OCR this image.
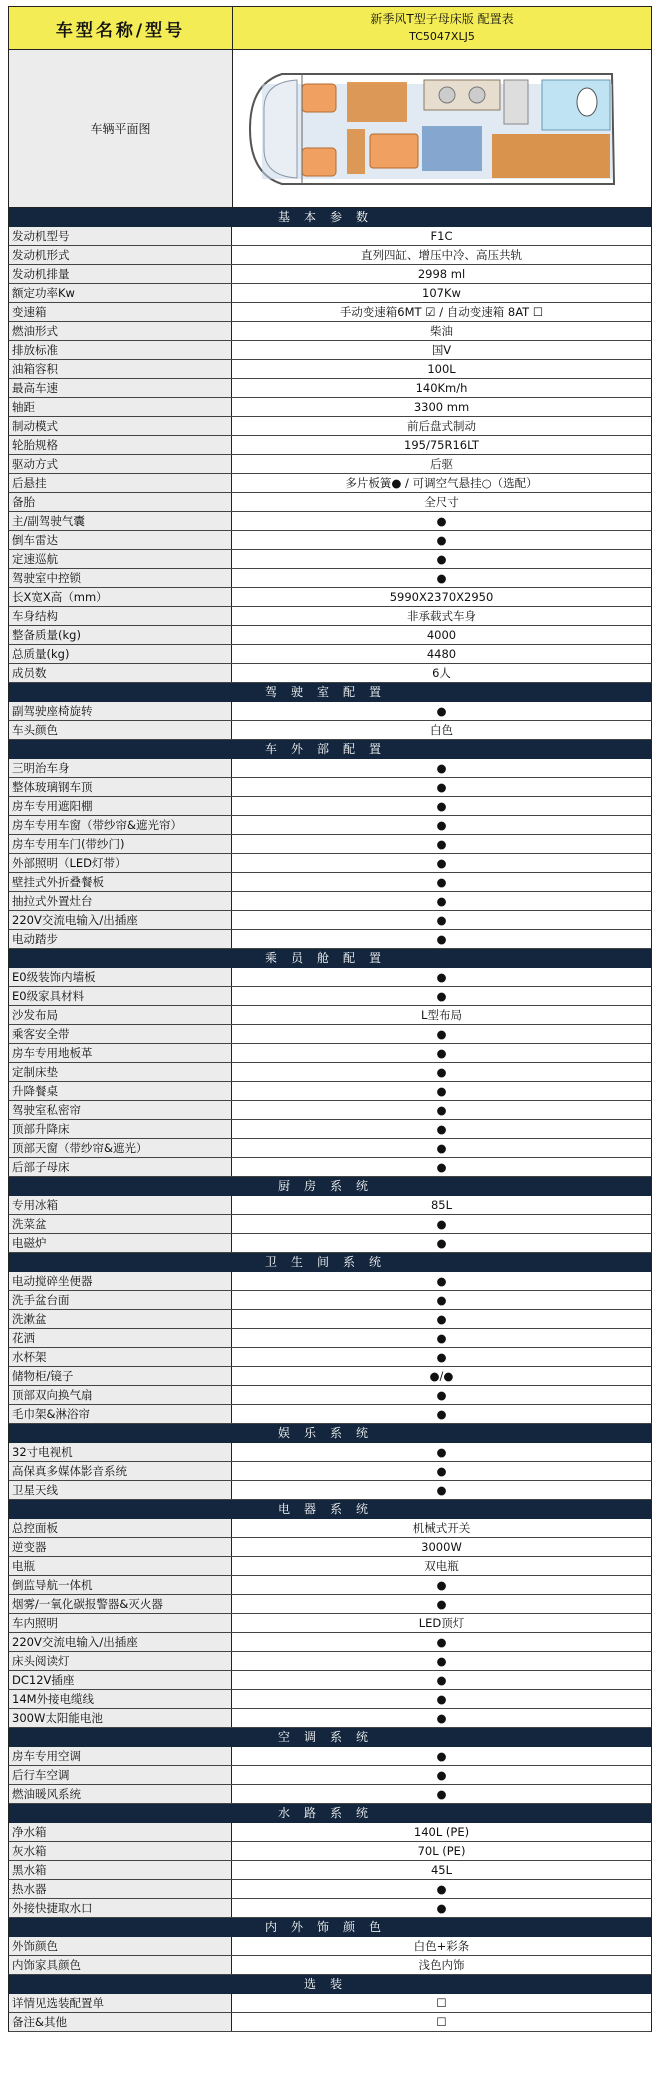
车型名称/型号
新季风T型子母床版 配置表
TC5047XLJ5
车辆平面图
基本参数
发动机型号	F1C
发动机形式	直列四缸、增压中冷、高压共轨
发动机排量	2998 ml
额定功率Kw	107Kw
变速箱	手动变速箱6MT ☑ / 自动变速箱 8AT ☐
燃油形式	柴油
排放标准	国V
油箱容积	100L
最高车速	140Km/h
轴距	3300 mm
制动模式	前后盘式制动
轮胎规格	195/75R16LT
驱动方式	后驱
后悬挂	多片板簧● / 可调空气悬挂○（选配）
备胎	全尺寸
主/副驾驶气囊	●
倒车雷达	●
定速巡航	●
驾驶室中控锁	●
长X宽X高（mm）	5990X2370X2950
车身结构	非承载式车身
整备质量(kg)	4000
总质量(kg)	4480
成员数	6人
驾驶室配置
副驾驶座椅旋转	●
车头颜色	白色
车外部配置
三明治车身	●
整体玻璃钢车顶	●
房车专用遮阳棚	●
房车专用车窗（带纱帘&遮光帘）	●
房车专用车门(带纱门)	●
外部照明（LED灯带）	●
壁挂式外折叠餐板	●
抽拉式外置灶台	●
220V交流电输入/出插座	●
电动踏步	●
乘员舱配置
E0级装饰内墙板	●
E0级家具材料	●
沙发布局	L型布局
乘客安全带	●
房车专用地板革	●
定制床垫	●
升降餐桌	●
驾驶室私密帘	●
顶部升降床	●
顶部天窗（带纱帘&遮光）	●
后部子母床	●
厨房系统
专用冰箱	85L
洗菜盆	●
电磁炉	●
卫生间系统
电动搅碎坐便器	●
洗手盆台面	●
洗漱盆	●
花洒	●
水杯架	●
储物柜/镜子	●/●
顶部双向换气扇	●
毛巾架&淋浴帘	●
娱乐系统
32寸电视机	●
高保真多媒体影音系统	●
卫星天线	●
电器系统
总控面板	机械式开关
逆变器	3000W
电瓶	双电瓶
倒监导航一体机	●
烟雾/一氧化碳报警器&灭火器	●
车内照明	LED顶灯
220V交流电输入/出插座	●
床头阅读灯	●
DC12V插座	●
14M外接电缆线	●
300W太阳能电池	●
空调系统
房车专用空调	●
后行车空调	●
燃油暖风系统	●
水路系统
净水箱	140L (PE)
灰水箱	70L (PE)
黑水箱	45L
热水器	●
外接快捷取水口	●
内外饰颜色
外饰颜色	白色+彩条
内饰家具颜色	浅色内饰
选装
详情见选装配置单	☐
备注&其他	☐
